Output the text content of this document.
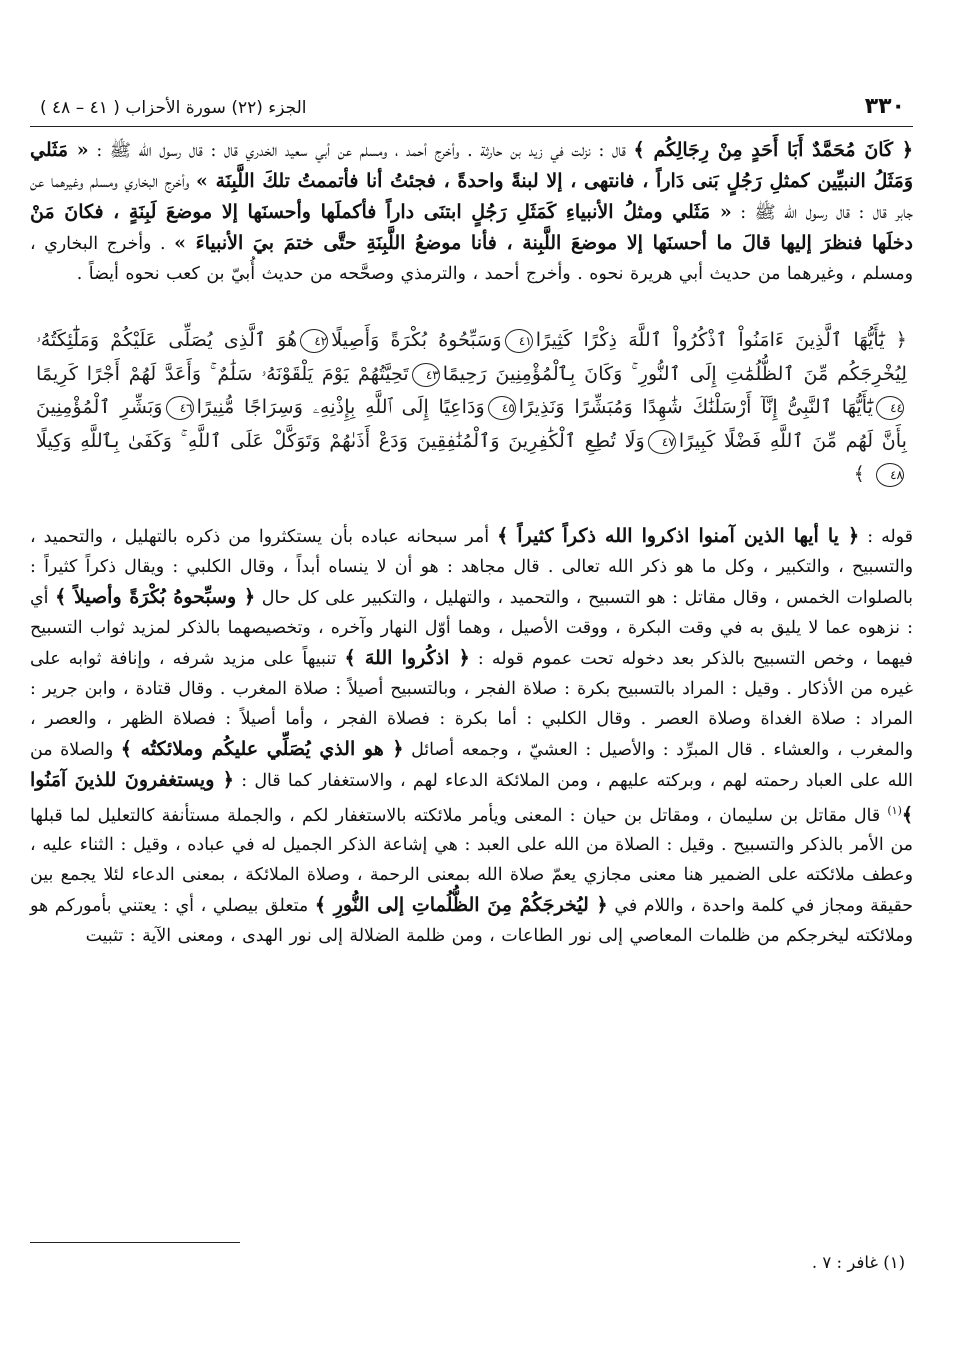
٣٣٠
الجزء (٢٢) سورة الأحزاب ( ٤١ – ٤٨ )

﴿ كَانَ مُحَمَّدٌ أَبَا أَحَدٍ مِنْ رِجَالِكُم ﴾ قال : نزلت في زيد بن حارثة . وأخرج أحمد ، ومسلم عن أبي سعيد الخدري قال : قال رسول الله ﷺ : « مَثَلي وَمَثَلُ النبيِّين كمثلِ رَجُلٍ بَنى دَاراً ، فانتهى ، إلا لبنةً واحدةً ، فجئتُ أنا فأتممتُ تلكَ اللَّبِنَة » وأخرج البخاري ومسلم وغيرهما عن جابر قال : قال رسول الله ﷺ : « مَثَلي ومثلُ الأنبياءِ كَمَثَلِ رَجُلٍ ابتنَى داراً فأكملَها وأحسنَها إلا موضعَ لَبِنَةٍ ، فكانَ مَنْ دخلَها فنظرَ إليها قالَ ما أحسنَها إلا موضعَ اللَّبِنة ، فأنا موضعُ اللَّبِنَةِ حتَّى ختمَ بيَ الأنبياءَ » . وأخرج البخاري ، ومسلم ، وغيرهما من حديث أبي هريرة نحوه . وأخرج أحمد ، والترمذي وصحَّحه من حديث أُبيّ بن كعب نحوه أيضاً .

﴿ يَٰٓأَيُّهَا ٱلَّذِينَ ءَامَنُواْ ٱذْكُرُواْ ٱللَّهَ ذِكْرًا كَثِيرًا٤١وَسَبِّحُوهُ بُكْرَةً وَأَصِيلًا٤٢هُوَ ٱلَّذِى يُصَلِّى عَلَيْكُمْ وَمَلَٰٓئِكَتُهُۥ لِيُخْرِجَكُم مِّنَ ٱلظُّلُمَٰتِ إِلَى ٱلنُّورِ ۚ وَكَانَ بِٱلْمُؤْمِنِينَ رَحِيمًا٤٣تَحِيَّتُهُمْ يَوْمَ يَلْقَوْنَهُۥ سَلَٰمٌ ۚ وَأَعَدَّ لَهُمْ أَجْرًا كَرِيمًا٤٤يَٰٓأَيُّهَا ٱلنَّبِىُّ إِنَّآ أَرْسَلْنَٰكَ شَٰهِدًا وَمُبَشِّرًا وَنَذِيرًا٤٥وَدَاعِيًا إِلَى ٱللَّهِ بِإِذْنِهِۦ وَسِرَاجًا مُّنِيرًا٤٦وَبَشِّرِ ٱلْمُؤْمِنِينَ بِأَنَّ لَهُم مِّنَ ٱللَّهِ فَضْلًا كَبِيرًا٤٧وَلَا تُطِعِ ٱلْكَٰفِرِينَ وَٱلْمُنَٰفِقِينَ وَدَعْ أَذَىٰهُمْ وَتَوَكَّلْ عَلَى ٱللَّهِ ۚ وَكَفَىٰ بِٱللَّهِ وَكِيلًا٤٨ ﴾

قوله : ﴿ يا أيها الذين آمنوا اذكروا الله ذكراً كثيراً ﴾ أمر سبحانه عباده بأن يستكثروا من ذكره بالتهليل ، والتحميد ، والتسبيح ، والتكبير ، وكل ما هو ذكر الله تعالى . قال مجاهد : هو أن لا ينساه أبداً ، وقال الكلبي : ويقال ذكراً كثيراً : بالصلوات الخمس ، وقال مقاتل : هو التسبيح ، والتحميد ، والتهليل ، والتكبير على كل حال ﴿ وسبِّحوهُ بُكْرَةً وأصيلاً ﴾ أي : نزهوه عما لا يليق به في وقت البكرة ، ووقت الأصيل ، وهما أوّل النهار وآخره ، وتخصيصهما بالذكر لمزيد ثواب التسبيح فيهما ، وخص التسبيح بالذكر بعد دخوله تحت عموم قوله : ﴿ اذكُروا اللهَ ﴾ تنبيهاً على مزيد شرفه ، وإنافة ثوابه على غيره من الأذكار . وقيل : المراد بالتسبيح بكرة : صلاة الفجر ، وبالتسبيح أصيلاً : صلاة المغرب . وقال قتادة ، وابن جرير : المراد : صلاة الغداة وصلاة العصر . وقال الكلبي : أما بكرة : فصلاة الفجر ، وأما أصيلاً : فصلاة الظهر ، والعصر ، والمغرب ، والعشاء . قال المبرِّد : والأصيل : العشيّ ، وجمعه أصائل ﴿ هو الذي يُصَلِّي عليكُم وملائكتُه ﴾ والصلاة من الله على العباد رحمته لهم ، وبركته عليهم ، ومن الملائكة الدعاء لهم ، والاستغفار كما قال : ﴿ ويستغفرونَ للذينَ آمَنُوا ﴾$^{(١)}$ قال مقاتل بن سليمان ، ومقاتل بن حيان : المعنى ويأمر ملائكته بالاستغفار لكم ، والجملة مستأنفة كالتعليل لما قبلها من الأمر بالذكر والتسبيح . وقيل : الصلاة من الله على العبد : هي إشاعة الذكر الجميل له في عباده ، وقيل : الثناء عليه ، وعطف ملائكته على الضمير هنا معنى مجازي يعمّ صلاة الله بمعنى الرحمة ، وصلاة الملائكة ، بمعنى الدعاء لئلا يجمع بين حقيقة ومجاز في كلمة واحدة ، واللام في ﴿ ليُخرجَكُمْ مِنَ الظُّلُماتِ إلى النُّورِ ﴾ متعلق بيصلي ، أي : يعتني بأموركم هو وملائكته ليخرجكم من ظلمات المعاصي إلى نور الطاعات ، ومن ظلمة الضلالة إلى نور الهدى ، ومعنى الآية : تثبيت

(١) غافر : ٧ .
